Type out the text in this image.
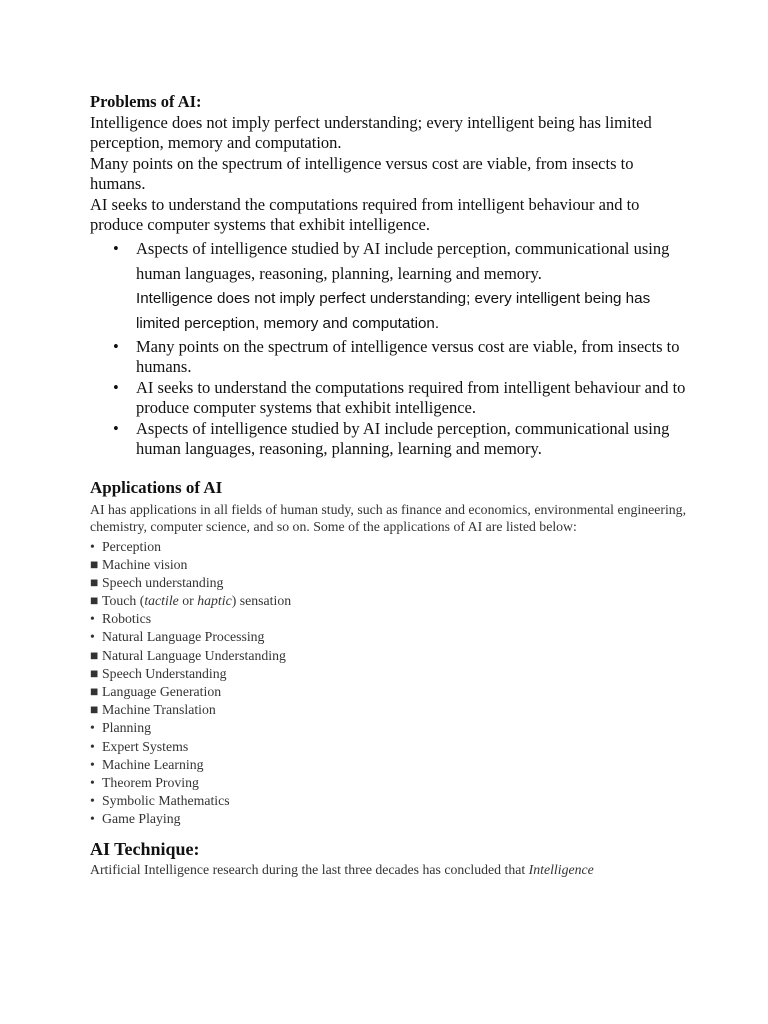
Problems of AI:

Intelligence does not imply perfect understanding; every intelligent being has limited perception, memory and computation.

Many points on the spectrum of intelligence versus cost are viable, from insects to humans.

AI seeks to understand the computations required from intelligent behaviour and to produce computer systems that exhibit intelligence.

• Aspects of intelligence studied by AI include perception, communicational using human languages, reasoning, planning, learning and memory.
Intelligence does not imply perfect understanding; every intelligent being has limited perception, memory and computation.
• Many points on the spectrum of intelligence versus cost are viable, from insects to humans.
• AI seeks to understand the computations required from intelligent behaviour and to produce computer systems that exhibit intelligence.
• Aspects of intelligence studied by AI include perception, communicational using human languages, reasoning, planning, learning and memory.
Applications of AI

AI has applications in all fields of human study, such as finance and economics, environmental engineering, chemistry, computer science, and so on. Some of the applications of AI are listed below:

• Perception
■ Machine vision
■ Speech understanding
■ Touch (tactile or haptic) sensation
• Robotics
• Natural Language Processing
■ Natural Language Understanding
■ Speech Understanding
■ Language Generation
■ Machine Translation
• Planning
• Expert Systems
• Machine Learning
• Theorem Proving
• Symbolic Mathematics
• Game Playing
AI Technique:

Artificial Intelligence research during the last three decades has concluded that Intelligence
